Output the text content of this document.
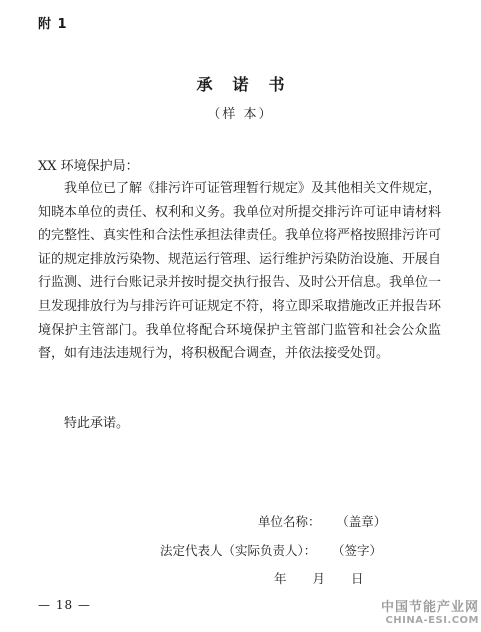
附 1
承诺书
（样 本）
XX 环境保护局：

我单位已了解《排污许可证管理暂行规定》及其他相关文件规定，知晓本单位的责任、权利和义务。我单位对所提交排污许可证申请材料的完整性、真实性和合法性承担法律责任。我单位将严格按照排污许可证的规定排放污染物、规范运行管理、运行维护污染防治设施、开展自行监测、进行台账记录并按时提交执行报告、及时公开信息。我单位一旦发现排放行为与排污许可证规定不符，将立即采取措施改正并报告环境保护主管部门。我单位将配合环境保护主管部门监管和社会公众监督，如有违法违规行为，将积极配合调查，并依法接受处罚。

特此承诺。
单位名称： （盖章）
法定代表人（实际负责人）： （签字）
年 月 日
— 18 —	中国节能产业网
CHINA-ESI.COM
